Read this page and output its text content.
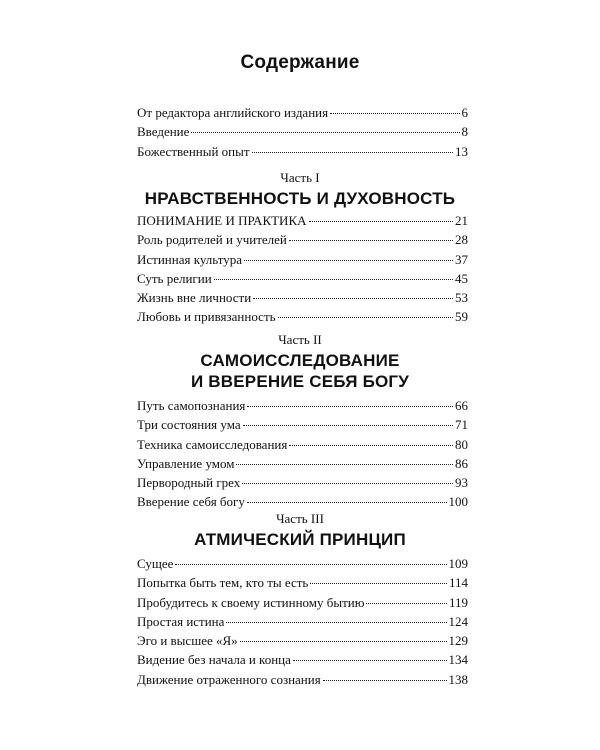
Содержание
От редактора английского издания	6
Введение	8
Божественный опыт	13
Часть I
НРАВСТВЕННОСТЬ И ДУХОВНОСТЬ
ПОНИМАНИЕ И ПРАКТИКА	21
Роль родителей и учителей	28
Истинная культура	37
Суть религии	45
Жизнь вне личности	53
Любовь и привязанность	59
Часть II
САМОИССЛЕДОВАНИЕ
И ВВЕРЕНИЕ СЕБЯ БОГУ
Путь самопознания	66
Три состояния ума	71
Техника самоисследования	80
Управление умом	86
Первородный грех	93
Вверение себя богу	100
Часть III
АТМИЧЕСКИЙ ПРИНЦИП
Сущее	109
Попытка быть тем, кто ты есть	114
Пробудитесь к своему истинному бытию	119
Простая истина	124
Эго и высшее «Я»	129
Видение без начала и конца	134
Движение отраженного сознания	138
